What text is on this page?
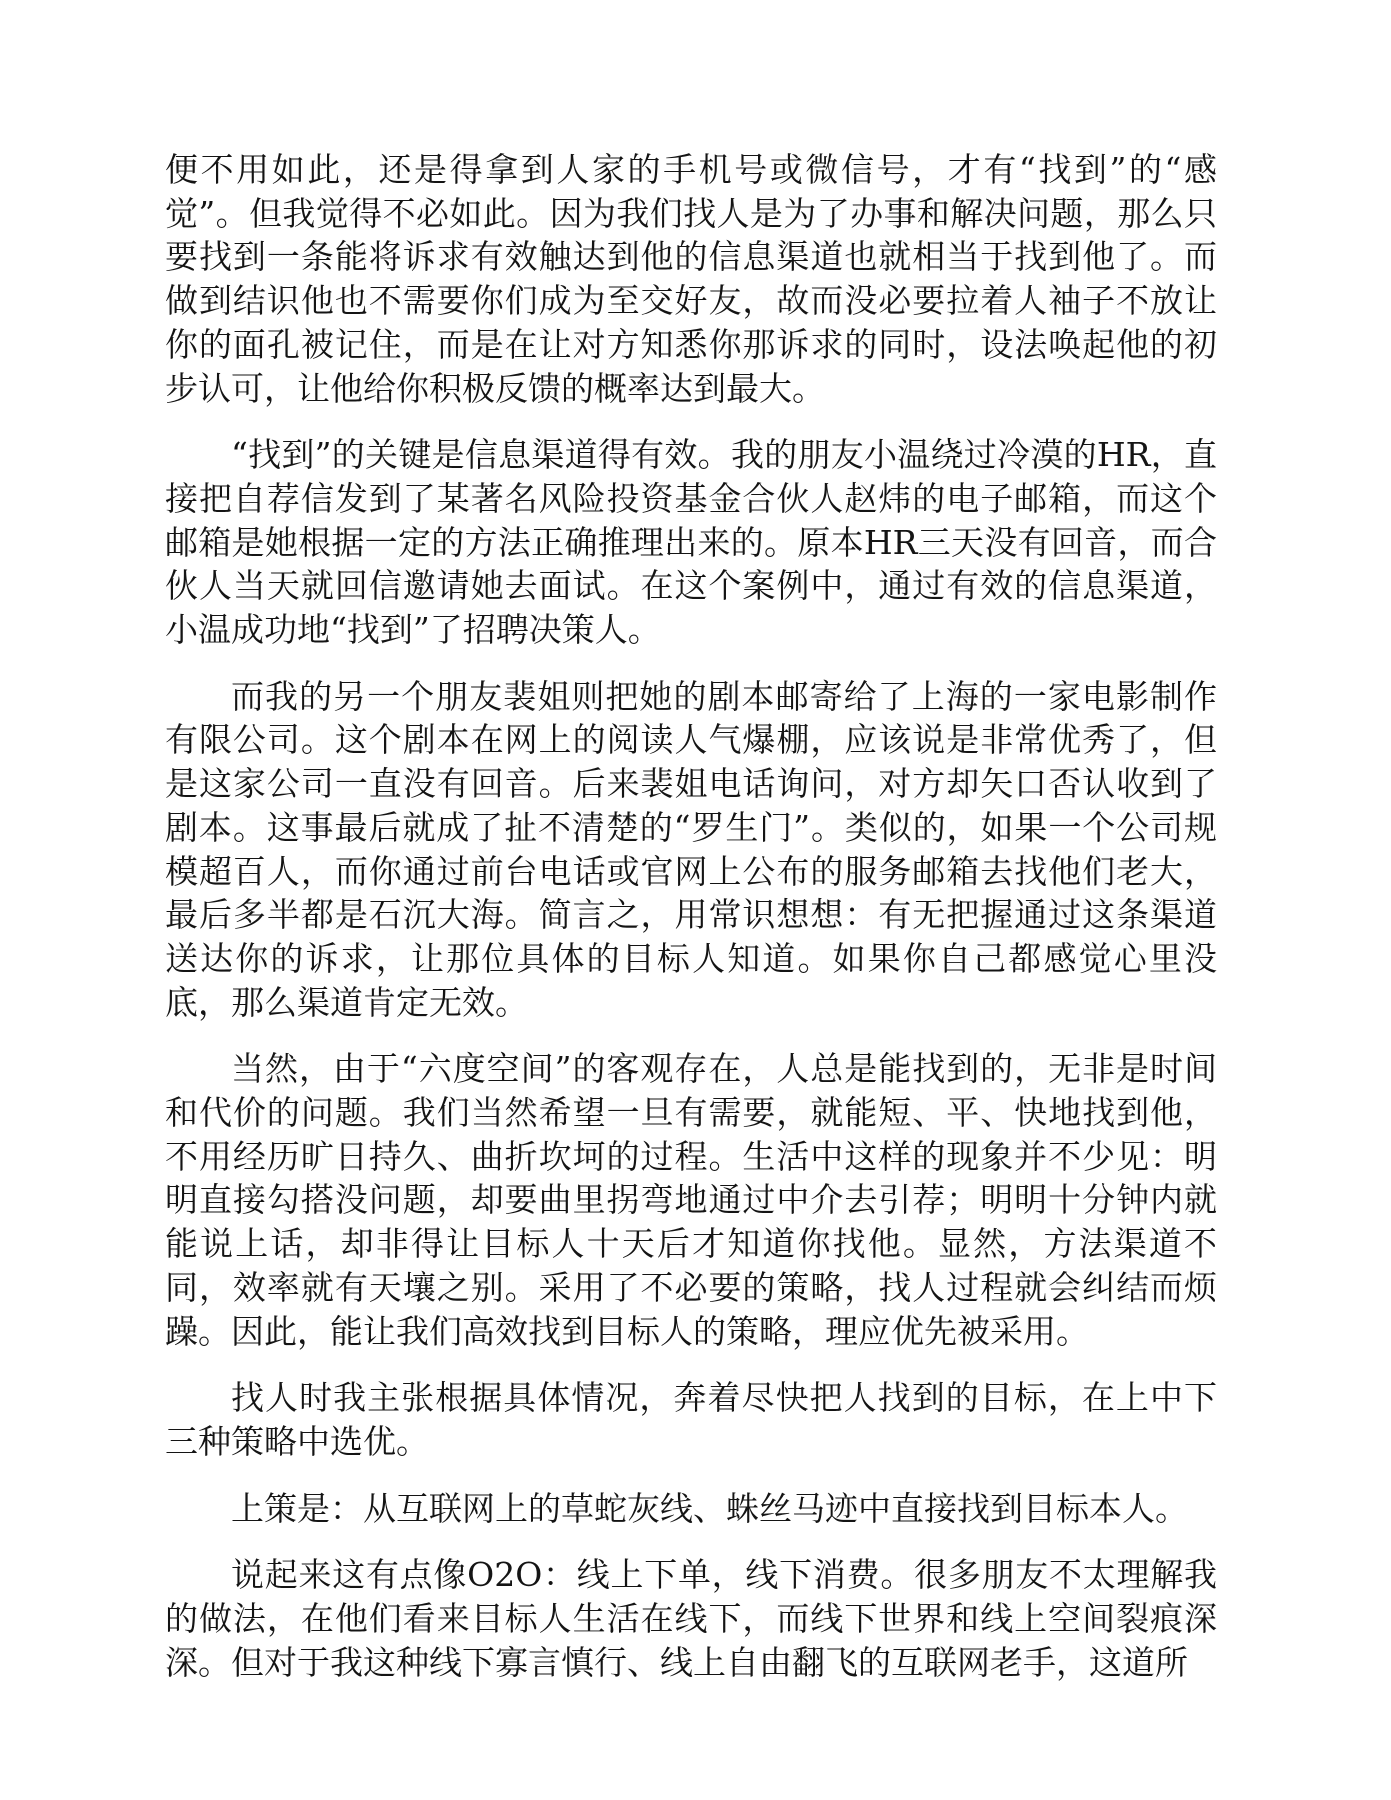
便不用如此，还是得拿到人家的手机号或微信号，才有“找到”的“感觉”。但我觉得不必如此。因为我们找人是为了办事和解决问题，那么只要找到一条能将诉求有效触达到他的信息渠道也就相当于找到他了。而做到结识他也不需要你们成为至交好友，故而没必要拉着人袖子不放让你的面孔被记住，而是在让对方知悉你那诉求的同时，设法唤起他的初步认可，让他给你积极反馈的概率达到最大。

“找到”的关键是信息渠道得有效。我的朋友小温绕过冷漠的HR，直接把自荐信发到了某著名风险投资基金合伙人赵炜的电子邮箱，而这个邮箱是她根据一定的方法正确推理出来的。原本HR三天没有回音，而合伙人当天就回信邀请她去面试。在这个案例中，通过有效的信息渠道，小温成功地“找到”了招聘决策人。

而我的另一个朋友裴姐则把她的剧本邮寄给了上海的一家电影制作有限公司。这个剧本在网上的阅读人气爆棚，应该说是非常优秀了，但是这家公司一直没有回音。后来裴姐电话询问，对方却矢口否认收到了剧本。这事最后就成了扯不清楚的“罗生门”。类似的，如果一个公司规模超百人，而你通过前台电话或官网上公布的服务邮箱去找他们老大，最后多半都是石沉大海。简言之，用常识想想：有无把握通过这条渠道送达你的诉求，让那位具体的目标人知道。如果你自己都感觉心里没底，那么渠道肯定无效。

当然，由于“六度空间”的客观存在，人总是能找到的，无非是时间和代价的问题。我们当然希望一旦有需要，就能短、平、快地找到他，不用经历旷日持久、曲折坎坷的过程。生活中这样的现象并不少见：明明直接勾搭没问题，却要曲里拐弯地通过中介去引荐；明明十分钟内就能说上话，却非得让目标人十天后才知道你找他。显然，方法渠道不同，效率就有天壤之别。采用了不必要的策略，找人过程就会纠结而烦躁。因此，能让我们高效找到目标人的策略，理应优先被采用。

找人时我主张根据具体情况，奔着尽快把人找到的目标，在上中下三种策略中选优。

上策是：从互联网上的草蛇灰线、蛛丝马迹中直接找到目标本人。

说起来这有点像O2O：线上下单，线下消费。很多朋友不太理解我的做法，在他们看来目标人生活在线下，而线下世界和线上空间裂痕深深。但对于我这种线下寡言慎行、线上自由翻飞的互联网老手，这道所
